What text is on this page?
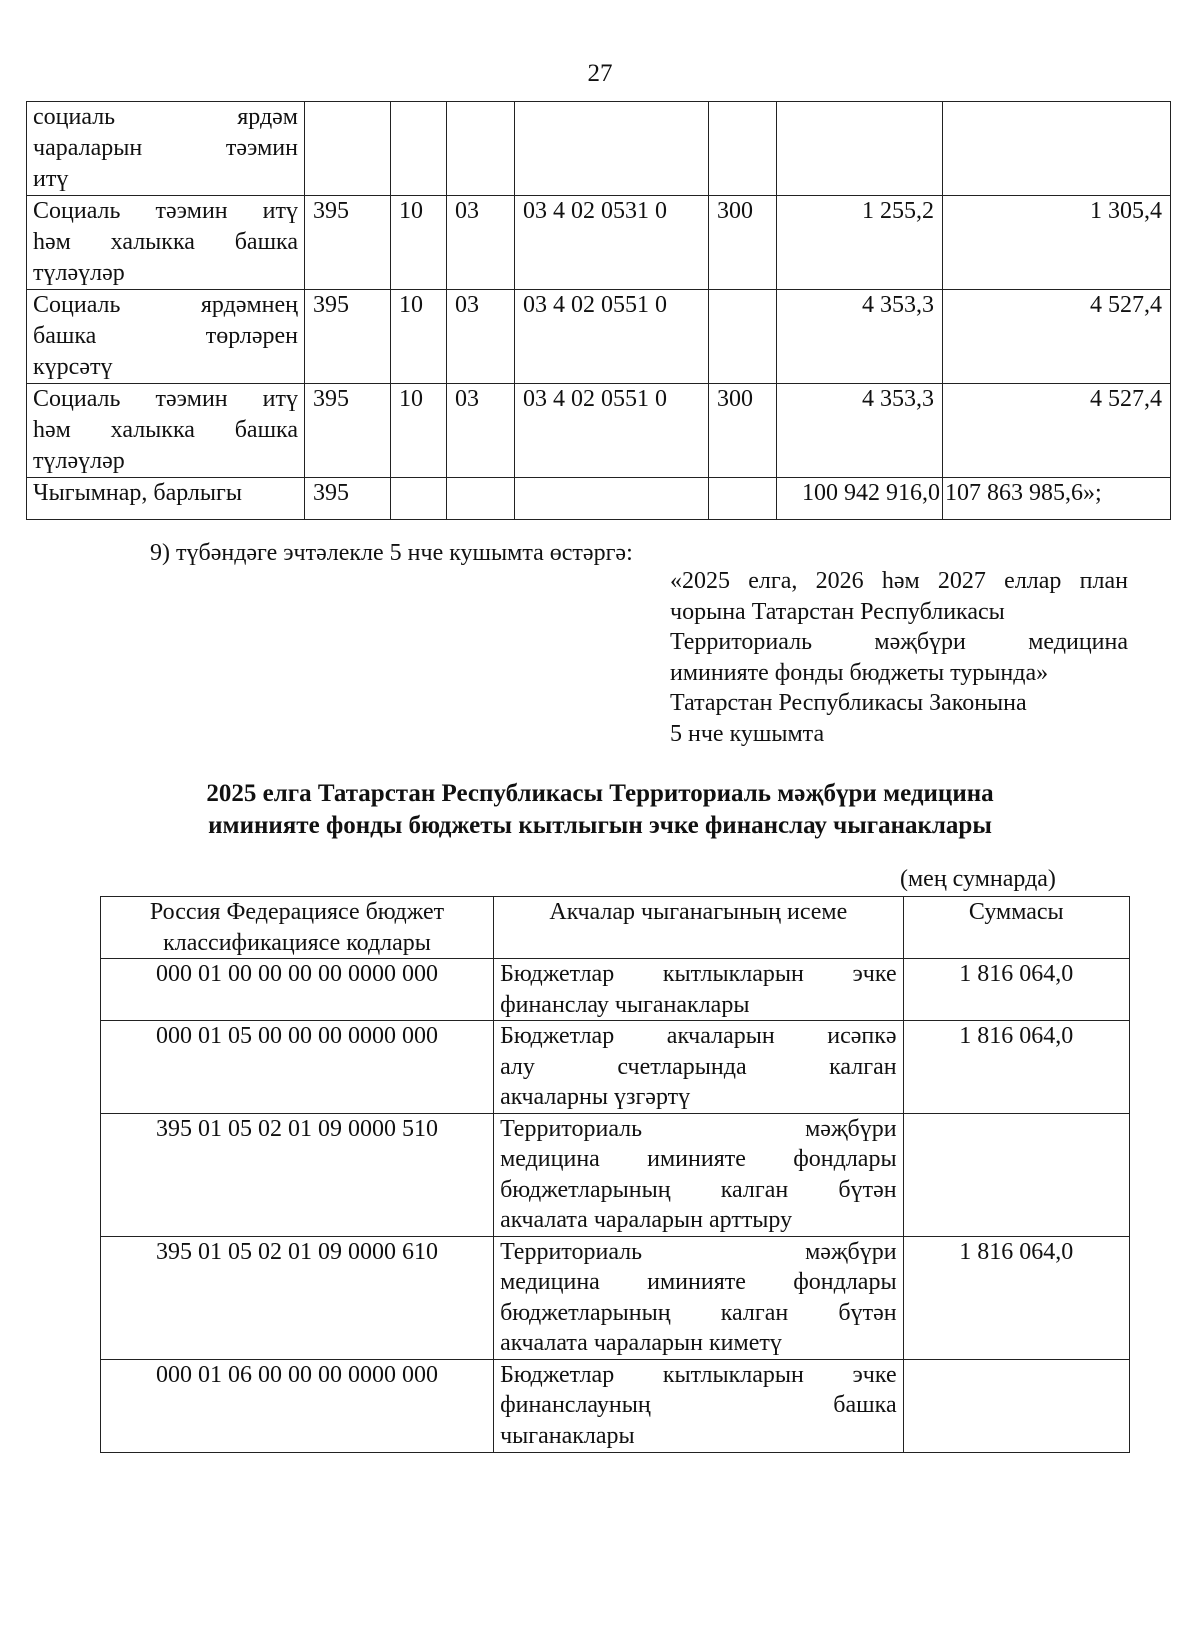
27
социаль ярдәм
чараларын тәэмин
итү							

Социаль тәэмин итү
һәм халыкка башка
түләүләр	395	10	03	03 4 02 0531 0	300	1 255,2	1 305,4

Социаль ярдәмнең
башка төрләрен
күрсәтү	395	10	03	03 4 02 0551 0		4 353,3	4 527,4

Социаль тәэмин итү
һәм халыкка башка
түләүләр	395	10	03	03 4 02 0551 0	300	4 353,3	4 527,4
Чыгымнар, барлыгы	395					100 942 916,0	107 863 985,6»;
9) түбәндәге эчтәлекле 5 нче кушымта өстәргә:
«2025 елга, 2026 һәм 2027 еллар план
чорына Татарстан Республикасы
Территориаль мәҗбүри медицина
иминияте фонды бюджеты турында»
Татарстан Республикасы Законына
5 нче кушымта
2025 елга Татарстан Республикасы Территориаль мәҗбүри медицина
иминияте фонды бюджеты кытлыгын эчке финанслау чыганаклары
(мең сумнарда)
Россия Федерациясе бюджет классификациясе кодлары	Акчалар чыганагының исеме	Суммасы
000 01 00 00 00 00 0000 000	Бюджетлар кытлыкларын эчке
финанслау чыганаклары	1 816 064,0
000 01 05 00 00 00 0000 000	Бюджетлар акчаларын исәпкә
алу счетларында калган
акчаларны үзгәртү	1 816 064,0
395 01 05 02 01 09 0000 510	Территориаль мәҗбүри
медицина иминияте фондлары
бюджетларының калган бүтән
акчалата чараларын арттыру	

395 01 05 02 01 09 0000 610	Территориаль мәҗбүри
медицина иминияте фондлары
бюджетларының калган бүтән
акчалата чараларын киметү	1 816 064,0
000 01 06 00 00 00 0000 000	Бюджетлар кытлыкларын эчке
финанслауның башка
чыганаклары	
